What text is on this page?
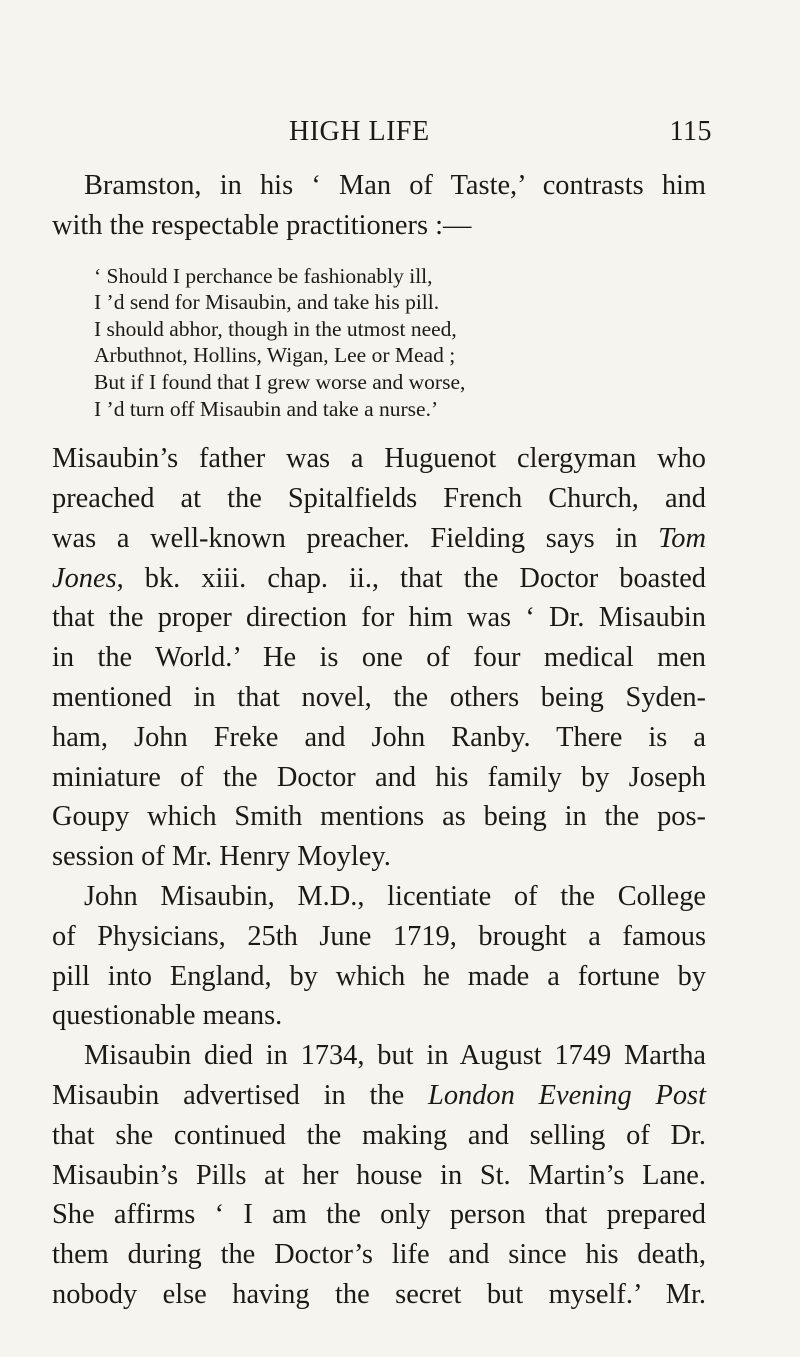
HIGH LIFE	115
Bramston, in his ‘ Man of Taste,’ contrasts him
with the respectable practitioners :—
‘ Should I perchance be fashionably ill,
I ’d send for Misaubin, and take his pill.
I should abhor, though in the utmost need,
Arbuthnot, Hollins, Wigan, Lee or Mead ;
But if I found that I grew worse and worse,
I ’d turn off Misaubin and take a nurse.’
Misaubin’s father was a Huguenot clergyman who
preached at the Spitalfields French Church, and
was a well-known preacher. Fielding says in Tom
Jones, bk. xiii. chap. ii., that the Doctor boasted
that the proper direction for him was ‘ Dr. Misaubin
in the World.’ He is one of four medical men
mentioned in that novel, the others being Syden-
ham, John Freke and John Ranby. There is a
miniature of the Doctor and his family by Joseph
Goupy which Smith mentions as being in the pos-
session of Mr. Henry Moyley.
John Misaubin, M.D., licentiate of the College
of Physicians, 25th June 1719, brought a famous
pill into England, by which he made a fortune by
questionable means.
Misaubin died in 1734, but in August 1749 Martha
Misaubin advertised in the London Evening Post
that she continued the making and selling of Dr.
Misaubin’s Pills at her house in St. Martin’s Lane.
She affirms ‘ I am the only person that prepared
them during the Doctor’s life and since his death,
nobody else having the secret but myself.’ Mr.
